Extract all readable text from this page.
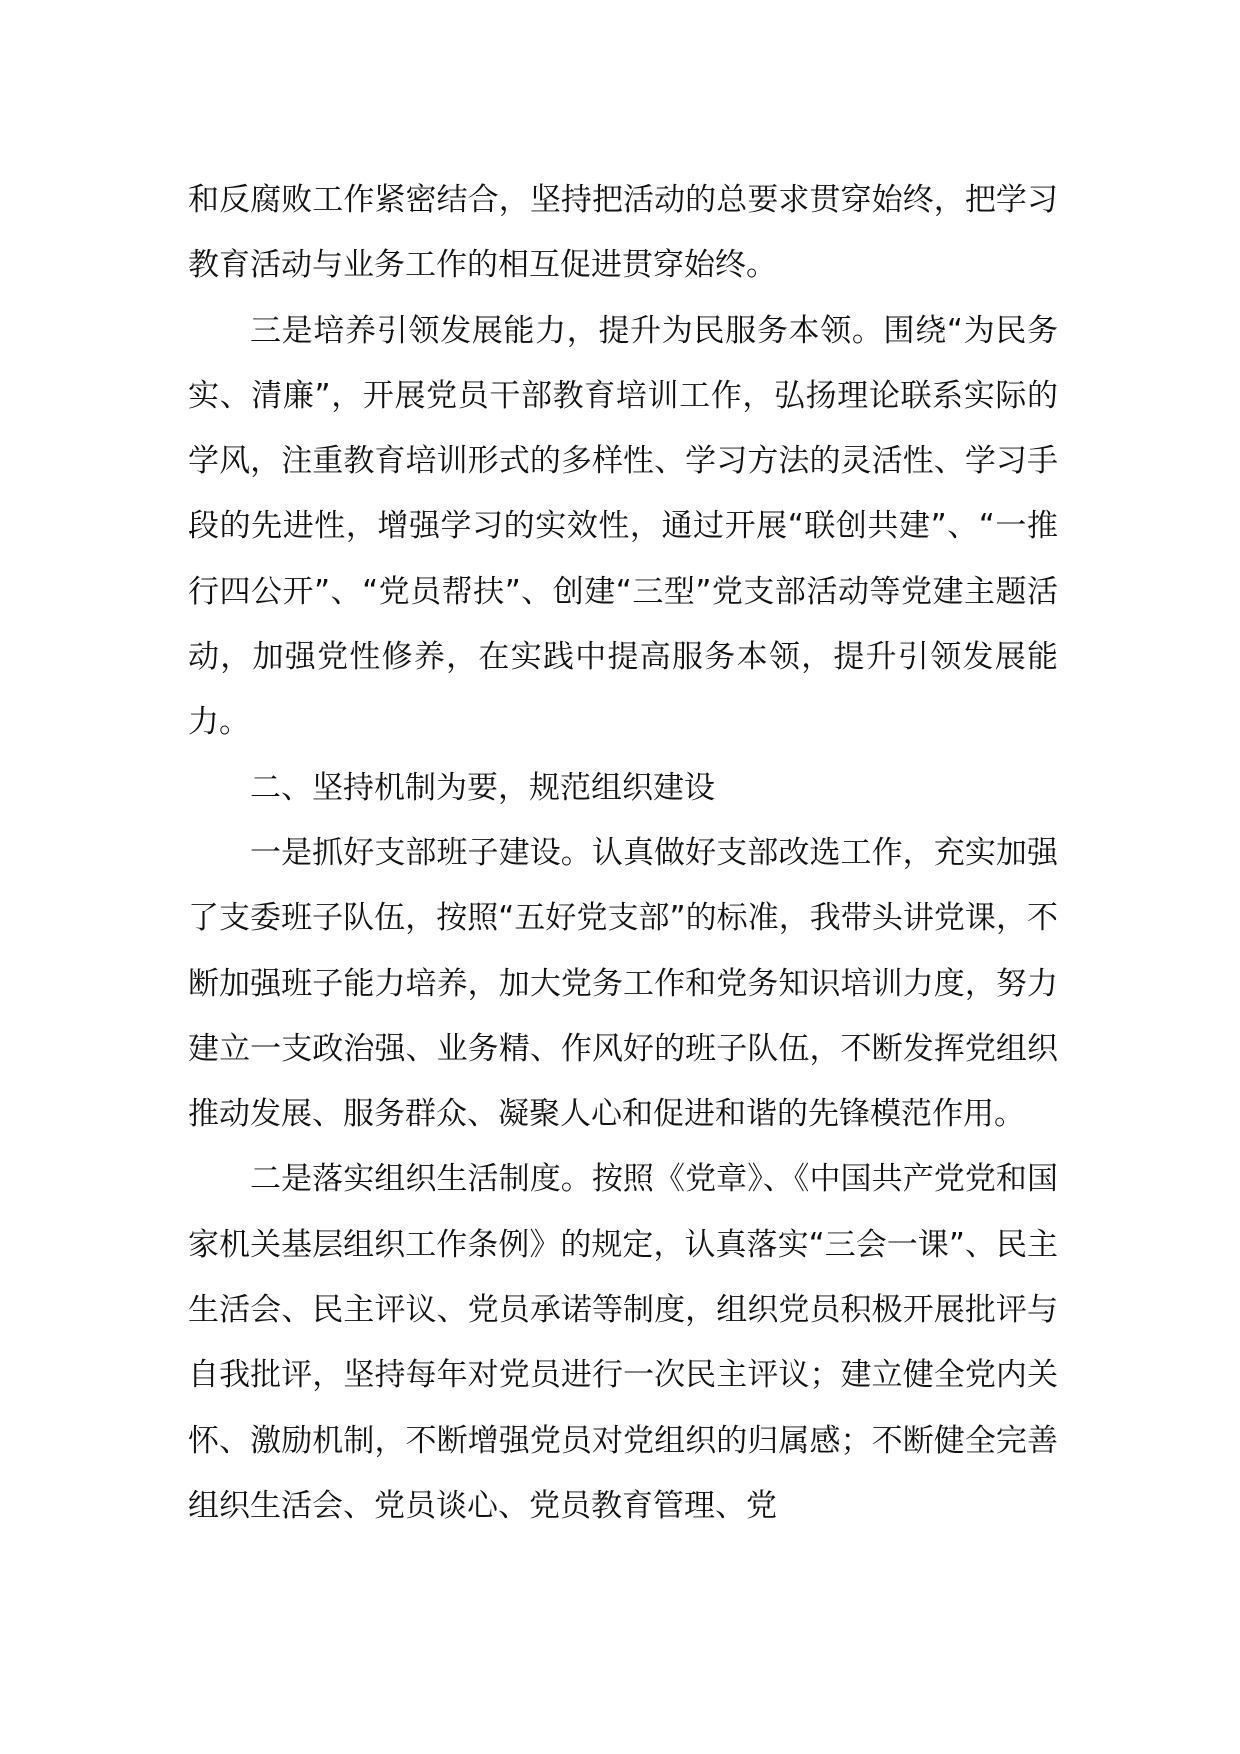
和反腐败工作紧密结合，坚持把活动的总要求贯穿始终，把学习教育活动与业务工作的相互促进贯穿始终。

三是培养引领发展能力，提升为民服务本领。围绕“为民务实、清廉”，开展党员干部教育培训工作，弘扬理论联系实际的学风，注重教育培训形式的多样性、学习方法的灵活性、学习手段的先进性，增强学习的实效性，通过开展“联创共建”、“一推行四公开”、“党员帮扶”、创建“三型”党支部活动等党建主题活动，加强党性修养，在实践中提高服务本领，提升引领发展能力。

二、坚持机制为要，规范组织建设

一是抓好支部班子建设。认真做好支部改选工作，充实加强了支委班子队伍，按照“五好党支部”的标准，我带头讲党课，不断加强班子能力培养，加大党务工作和党务知识培训力度，努力建立一支政治强、业务精、作风好的班子队伍，不断发挥党组织推动发展、服务群众、凝聚人心和促进和谐的先锋模范作用。

二是落实组织生活制度。按照《党章》、《中国共产党党和国家机关基层组织工作条例》的规定，认真落实“三会一课”、民主生活会、民主评议、党员承诺等制度，组织党员积极开展批评与自我批评，坚持每年对党员进行一次民主评议；建立健全党内关怀、激励机制，不断增强党员对党组织的归属感；不断健全完善组织生活会、党员谈心、党员教育管理、党
